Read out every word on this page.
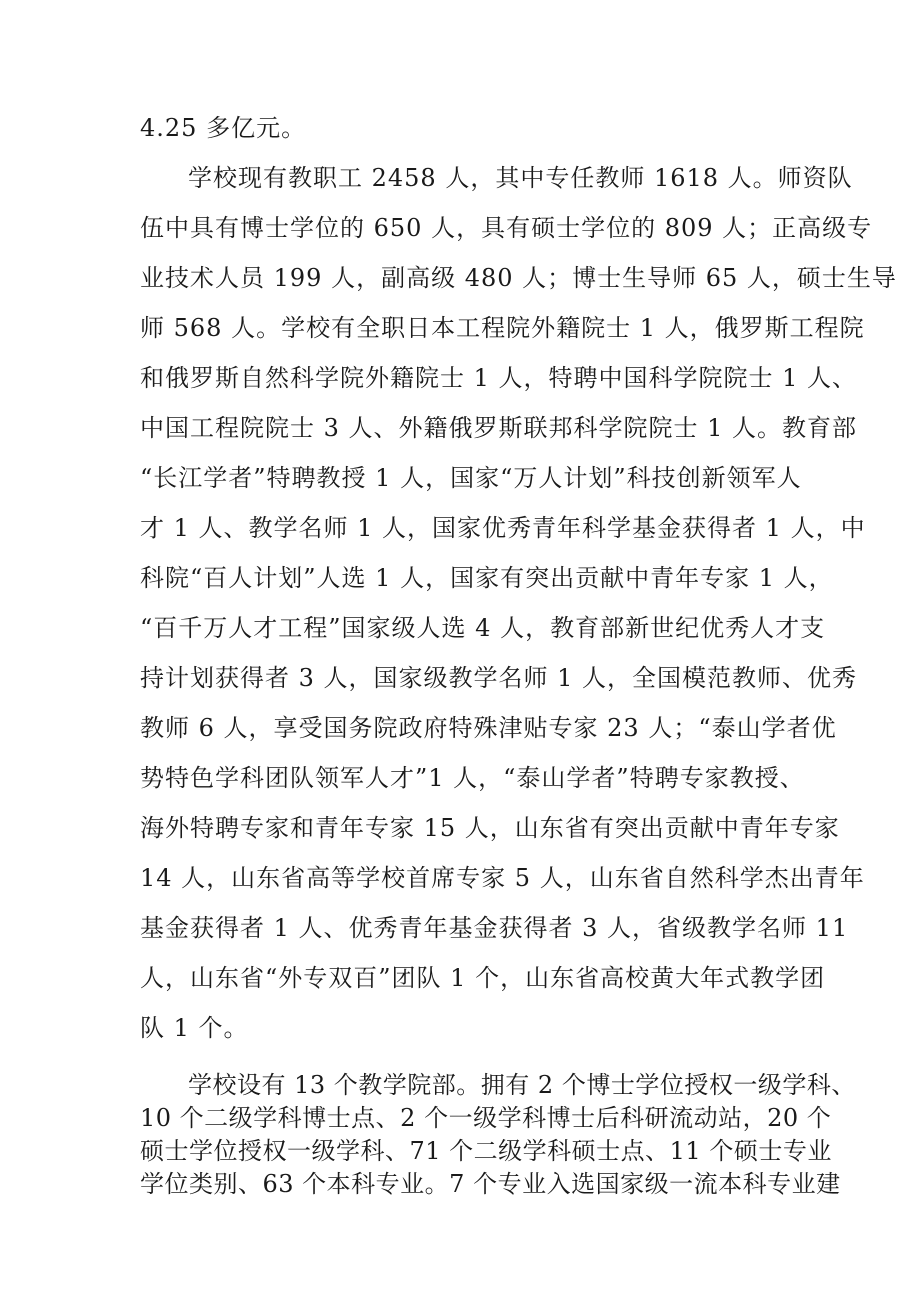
4.25 多亿元。
学校现有教职工 2458 人，其中专任教师 1618 人。师资队
伍中具有博士学位的 650 人，具有硕士学位的 809 人；正高级专
业技术人员 199 人，副高级 480 人；博士生导师 65 人，硕士生导
师 568 人。学校有全职日本工程院外籍院士 1 人，俄罗斯工程院
和俄罗斯自然科学院外籍院士 1 人，特聘中国科学院院士 1 人、
中国工程院院士 3 人、外籍俄罗斯联邦科学院院士 1 人。教育部
“长江学者”特聘教授 1 人，国家“万人计划”科技创新领军人
才 1 人、教学名师 1 人，国家优秀青年科学基金获得者 1 人，中
科院“百人计划”人选 1 人，国家有突出贡献中青年专家 1 人，
“百千万人才工程”国家级人选 4 人，教育部新世纪优秀人才支
持计划获得者 3 人，国家级教学名师 1 人，全国模范教师、优秀
教师 6 人，享受国务院政府特殊津贴专家 23 人；“泰山学者优
势特色学科团队领军人才”1 人，“泰山学者”特聘专家教授、
海外特聘专家和青年专家 15 人，山东省有突出贡献中青年专家
14 人，山东省高等学校首席专家 5 人，山东省自然科学杰出青年
基金获得者 1 人、优秀青年基金获得者 3 人，省级教学名师 11
人，山东省“外专双百”团队 1 个，山东省高校黄大年式教学团
队 1 个。
学校设有 13 个教学院部。拥有 2 个博士学位授权一级学科、
10 个二级学科博士点、2 个一级学科博士后科研流动站，20 个
硕士学位授权一级学科、71 个二级学科硕士点、11 个硕士专业
学位类别、63 个本科专业。7 个专业入选国家级一流本科专业建
